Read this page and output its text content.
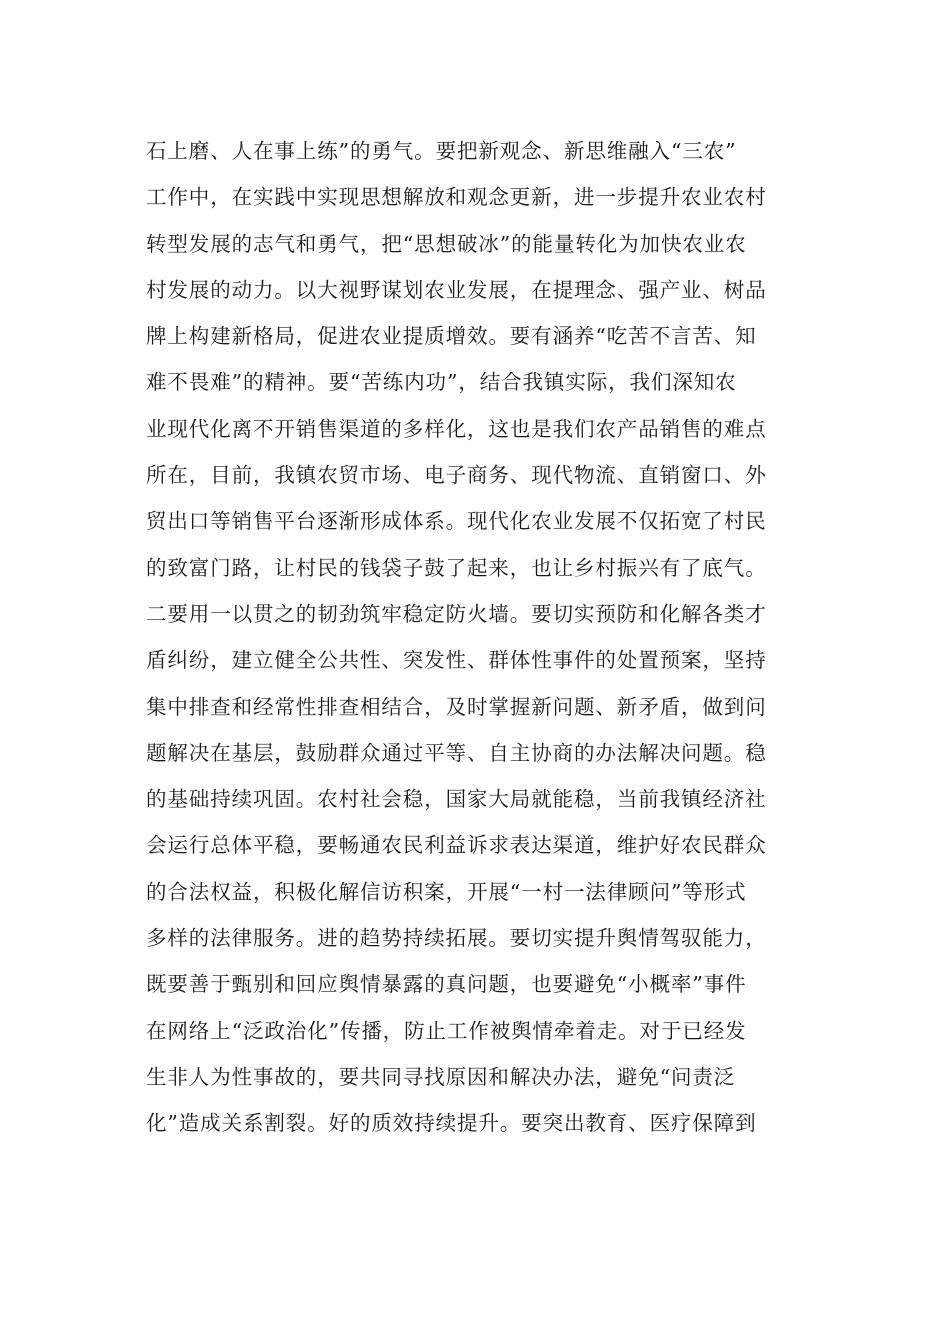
石上磨、人在事上练”的勇气。要把新观念、新思维融入“三农”
工作中，在实践中实现思想解放和观念更新，进一步提升农业农村
转型发展的志气和勇气，把“思想破冰”的能量转化为加快农业农
村发展的动力。以大视野谋划农业发展，在提理念、强产业、树品
牌上构建新格局，促进农业提质增效。要有涵养“吃苦不言苦、知
难不畏难”的精神。要“苦练内功”，结合我镇实际，我们深知农
业现代化离不开销售渠道的多样化，这也是我们农产品销售的难点
所在，目前，我镇农贸市场、电子商务、现代物流、直销窗口、外
贸出口等销售平台逐渐形成体系。现代化农业发展不仅拓宽了村民
的致富门路，让村民的钱袋子鼓了起来，也让乡村振兴有了底气。
二要用一以贯之的韧劲筑牢稳定防火墙。要切实预防和化解各类才
盾纠纷，建立健全公共性、突发性、群体性事件的处置预案，坚持
集中排查和经常性排查相结合，及时掌握新问题、新矛盾，做到问
题解决在基层，鼓励群众通过平等、自主协商的办法解决问题。稳
的基础持续巩固。农村社会稳，国家大局就能稳，当前我镇经济社
会运行总体平稳，要畅通农民利益诉求表达渠道，维护好农民群众
的合法权益，积极化解信访积案，开展“一村一法律顾问”等形式
多样的法律服务。进的趋势持续拓展。要切实提升舆情驾驭能力，
既要善于甄别和回应舆情暴露的真问题，也要避免“小概率”事件
在网络上“泛政治化”传播，防止工作被舆情牵着走。对于已经发
生非人为性事故的，要共同寻找原因和解决办法，避免“问责泛
化”造成关系割裂。好的质效持续提升。要突出教育、医疗保障到
